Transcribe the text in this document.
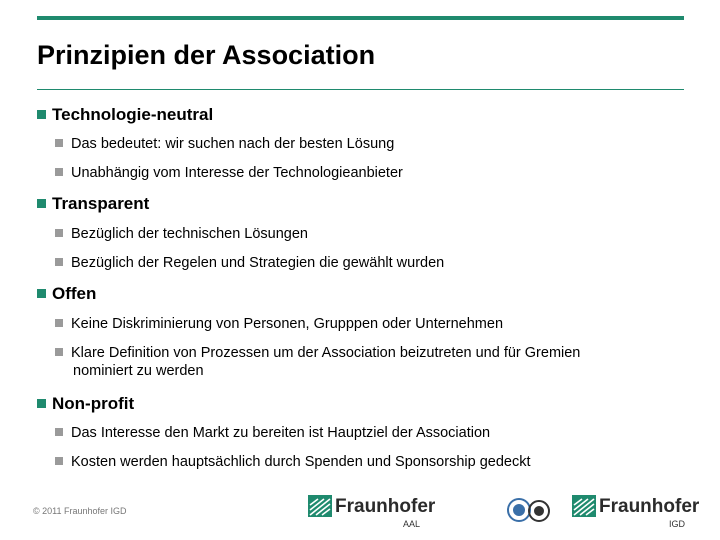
Prinzipien der Association
Technologie-neutral
Das bedeutet: wir suchen nach der besten Lösung
Unabhängig vom Interesse der Technologieanbieter
Transparent
Bezüglich der technischen Lösungen
Bezüglich der Regelen und Strategien die gewählt wurden
Offen
Keine Diskriminierung von Personen, Grupppen oder Unternehmen
Klare Definition von Prozessen um der Association beizutreten und für Gremien
nominiert zu werden
Non-profit
Das Interesse den Markt zu bereiten ist Hauptziel der Association
Kosten werden hauptsächlich durch Spenden und Sponsorship gedeckt
© 2011 Fraunhofer IGD	Fraunhofer
AAL
Fraunhofer
IGD
